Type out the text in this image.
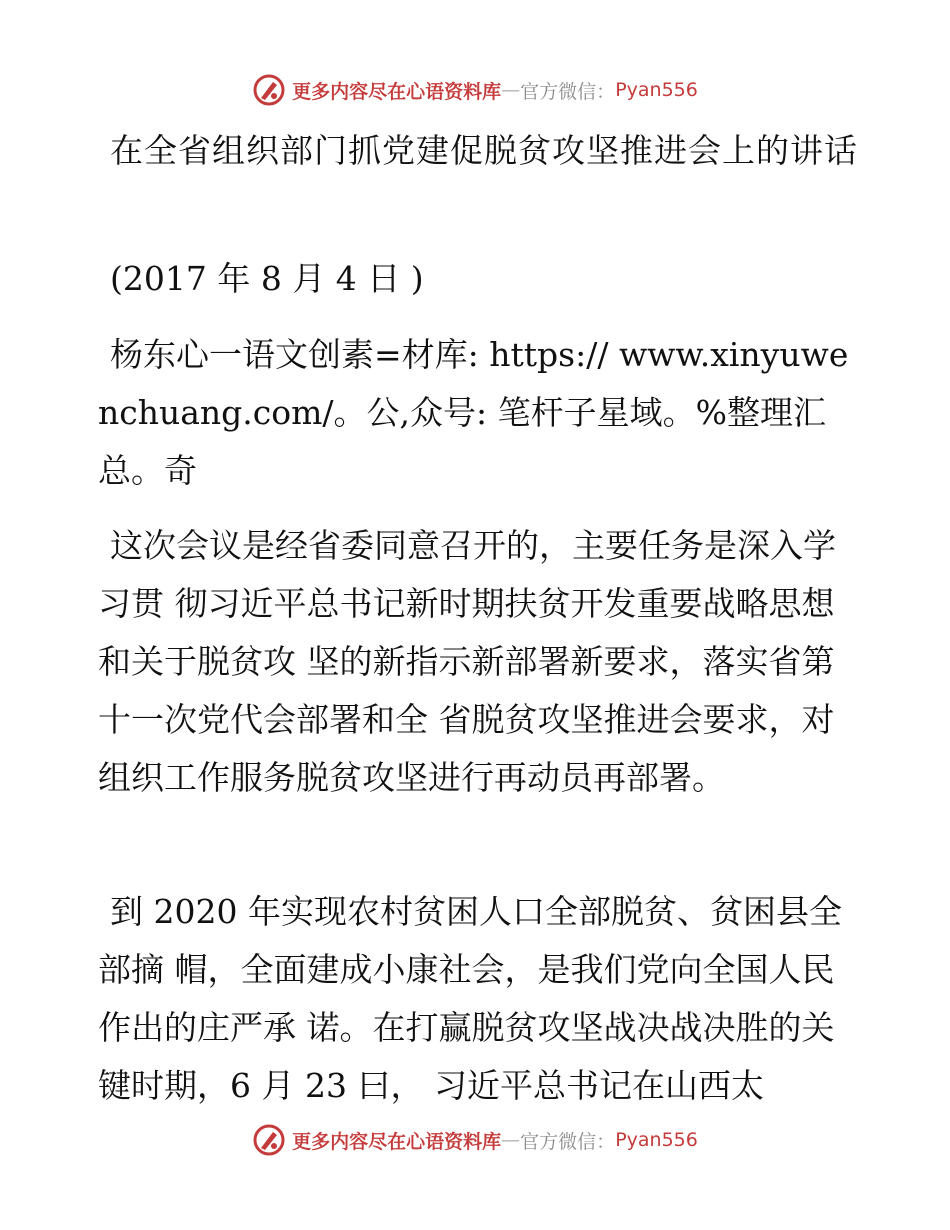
更多内容尽在心语资料库 — 官方微信： Pyan556
在全省组织部门抓党建促脱贫攻坚推进会上的讲话

(2017 年 8 月 4 日 )

杨东心一语文创素=材库: https:// www.xinyuwenchuang.com/。公,众号: 笔杆子星域。%整理汇总。奇

这次会议是经省委同意召开的，主要任务是深入学习贯 彻习近平总书记新时期扶贫开发重要战略思想和关于脱贫攻 坚的新指示新部署新要求，落实省第十一次党代会部署和全 省脱贫攻坚推进会要求，对组织工作服务脱贫攻坚进行再动员再部署。

到 2020 年实现农村贫困人口全部脱贫、贫困县全部摘 帽，全面建成小康社会，是我们党向全国人民作出的庄严承 诺。在打赢脱贫攻坚战决战决胜的关键时期，6 月 23 曰， 习近平总书记在山西太

更多内容尽在心语资料库 — 官方微信： Pyan556
